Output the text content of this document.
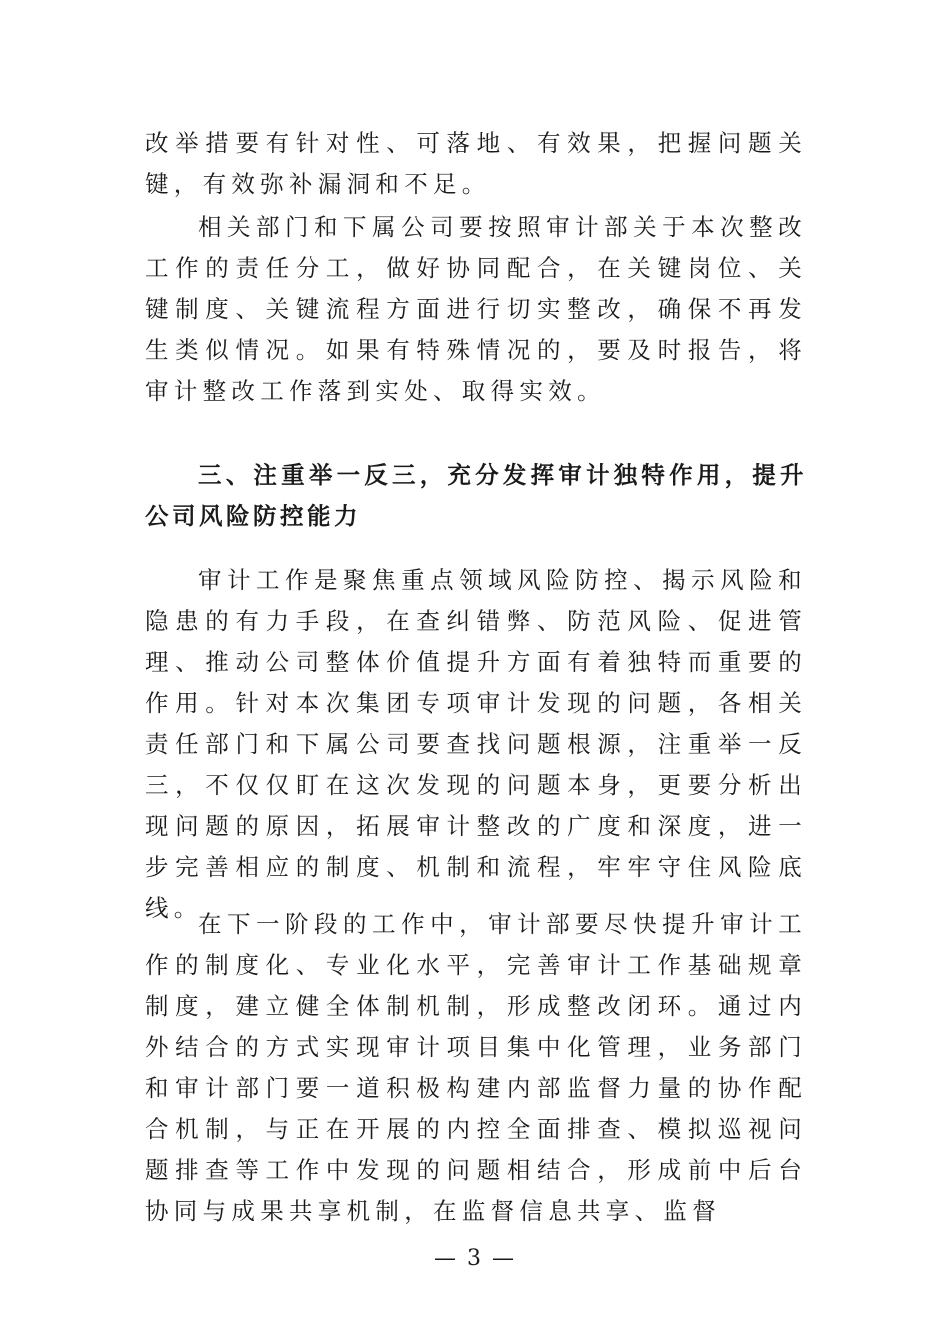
改举措要有针对性、可落地、有效果，把握问题关键，有效弥补漏洞和不足。

相关部门和下属公司要按照审计部关于本次整改工作的责任分工，做好协同配合，在关键岗位、关键制度、关键流程方面进行切实整改，确保不再发生类似情况。如果有特殊情况的，要及时报告，将审计整改工作落到实处、取得实效。

三、注重举一反三，充分发挥审计独特作用，提升公司风险防控能力

审计工作是聚焦重点领域风险防控、揭示风险和隐患的有力手段，在查纠错弊、防范风险、促进管理、推动公司整体价值提升方面有着独特而重要的作用。针对本次集团专项审计发现的问题，各相关责任部门和下属公司要查找问题根源，注重举一反三，不仅仅盯在这次发现的问题本身，更要分析出现问题的原因，拓展审计整改的广度和深度，进一步完善相应的制度、机制和流程，牢牢守住风险底线。

在下一阶段的工作中，审计部要尽快提升审计工作的制度化、专业化水平，完善审计工作基础规章制度，建立健全体制机制，形成整改闭环。通过内外结合的方式实现审计项目集中化管理，业务部门和审计部门要一道积极构建内部监督力量的协作配合机制，与正在开展的内控全面排查、模拟巡视问题排查等工作中发现的问题相结合，形成前中后台协同与成果共享机制，在监督信息共享、监督

— 3 —
